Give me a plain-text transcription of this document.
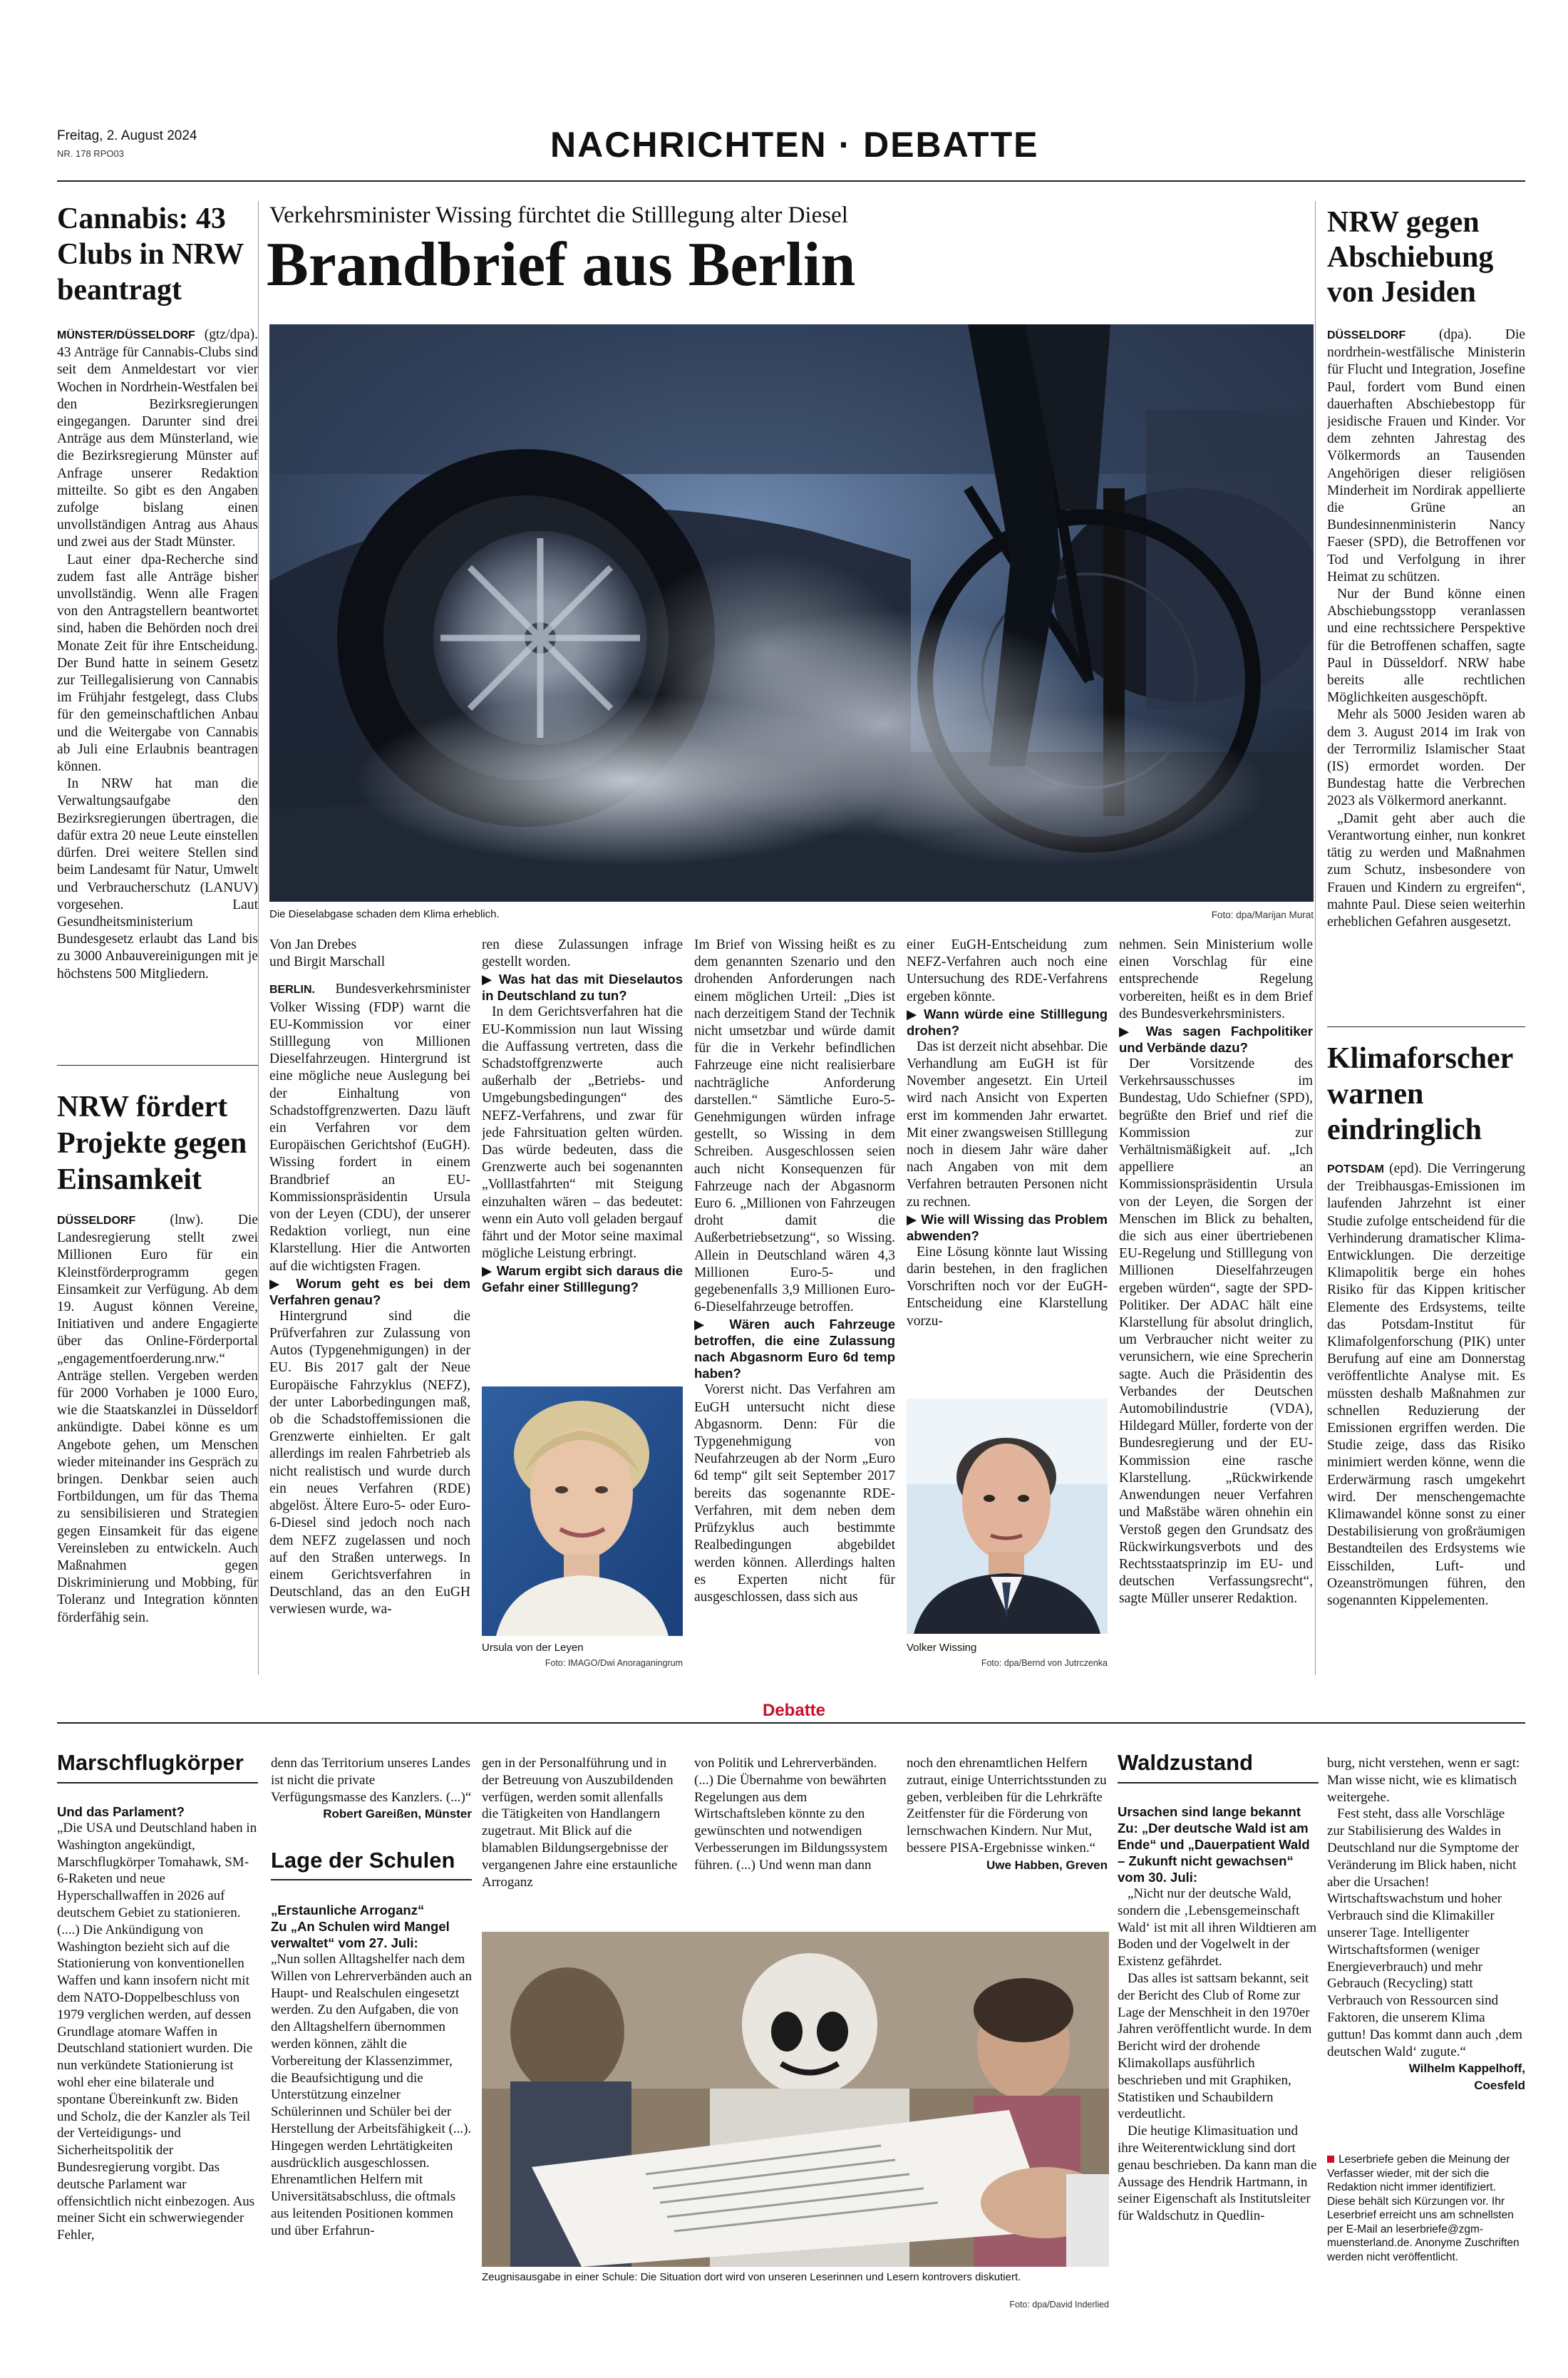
Freitag, 2. August 2024
NR. 178 RPO03	NACHRICHTEN · DEBATTE
Cannabis: 43 Clubs in NRW beantragt

MÜNSTER/DÜSSELDORF (gtz/dpa). 43 Anträge für Cannabis-Clubs sind seit dem Anmeldestart vor vier Wochen in Nordrhein-Westfalen bei den Bezirksregierungen eingegangen. Darunter sind drei Anträge aus dem Münsterland, wie die Bezirksregierung Münster auf Anfrage unserer Redaktion mitteilte. So gibt es den Angaben zufolge bislang einen unvollständigen Antrag aus Ahaus und zwei aus der Stadt Münster.

Laut einer dpa-Recherche sind zudem fast alle Anträge bisher unvollständig. Wenn alle Fragen von den Antragstellern beantwortet sind, haben die Behörden noch drei Monate Zeit für ihre Entscheidung. Der Bund hatte in seinem Gesetz zur Teillegalisierung von Cannabis im Frühjahr festgelegt, dass Clubs für den gemeinschaftlichen Anbau und die Weitergabe von Cannabis ab Juli eine Erlaubnis beantragen können.

In NRW hat man die Verwaltungsaufgabe den Bezirksregierungen übertragen, die dafür extra 20 neue Leute einstellen dürfen. Drei weitere Stellen sind beim Landesamt für Natur, Umwelt und Verbraucherschutz (LANUV) vorgesehen. Laut Gesundheitsministerium Bundesgesetz erlaubt das Land bis zu 3000 Anbauvereinigungen mit je höchstens 500 Mitgliedern.

NRW fördert Projekte gegen Einsamkeit

DÜSSELDORF (lnw). Die Landesregierung stellt zwei Millionen Euro für ein Kleinstförderprogramm gegen Einsamkeit zur Verfügung. Ab dem 19. August können Vereine, Initiativen und andere Engagierte über das Online-Förderportal „engagementfoerderung.nrw.“ Anträge stellen. Vergeben werden für 2000 Vorhaben je 1000 Euro, wie die Staatskanzlei in Düsseldorf ankündigte. Dabei könne es um Angebote gehen, um Menschen wieder miteinander ins Gespräch zu bringen. Denkbar seien auch Fortbildungen, um für das Thema zu sensibilisieren und Strategien gegen Einsamkeit für das eigene Vereinsleben zu entwickeln. Auch Maßnahmen gegen Diskriminierung und Mobbing, für Toleranz und Integration könnten förderfähig sein.

Verkehrsminister Wissing fürchtet die Stilllegung alter Diesel
Brandbrief aus Berlin
Die Dieselabgase schaden dem Klima erheblich.	Foto: dpa/Marijan Murat

Von Jan Drebes

und Birgit Marschall

BERLIN. Bundesverkehrsminister Volker Wissing (FDP) warnt die EU-Kommission vor einer Stilllegung von Millionen Dieselfahrzeugen. Hintergrund ist eine mögliche neue Auslegung bei der Einhaltung von Schadstoffgrenzwerten. Dazu läuft ein Verfahren vor dem Europäischen Gerichtshof (EuGH). Wissing fordert in einem Brandbrief an EU-Kommissionspräsidentin Ursula von der Leyen (CDU), der unserer Redaktion vorliegt, nun eine Klarstellung. Hier die Antworten auf die wichtigsten Fragen.

▶ Worum geht es bei dem Verfahren genau?

Hintergrund sind die Prüfverfahren zur Zulassung von Autos (Typgenehmigungen) in der EU. Bis 2017 galt der Neue Europäische Fahrzyklus (NEFZ), der unter Laborbedingungen maß, ob die Schadstoffemissionen die Grenzwerte einhielten. Er galt allerdings im realen Fahrbetrieb als nicht realistisch und wurde durch ein neues Verfahren (RDE) abgelöst. Ältere Euro-5- oder Euro-6-Diesel sind jedoch noch nach dem NEFZ zugelassen und noch auf den Straßen unterwegs. In einem Gerichtsverfahren in Deutschland, das an den EuGH verwiesen wurde, wa-

ren diese Zulassungen infrage gestellt worden.

▶ Was hat das mit Dieselautos in Deutschland zu tun?

In dem Gerichtsverfahren hat die EU-Kommission nun laut Wissing die Auffassung vertreten, dass die Schadstoffgrenzwerte auch außerhalb der „Betriebs- und Umgebungsbedingungen“ des NEFZ-Verfahrens, und zwar für jede Fahrsituation gelten würden. Das würde bedeuten, dass die Grenzwerte auch bei sogenannten „Volllastfahrten“ mit Steigung einzuhalten wären – das bedeutet: wenn ein Auto voll geladen bergauf fährt und der Motor seine maximal mögliche Leistung erbringt.

▶ Warum ergibt sich daraus die Gefahr einer Stilllegung?

Ursula von der Leyen
Foto: IMAGO/Dwi Anoraganingrum

Im Brief von Wissing heißt es zu dem genannten Szenario und den drohenden Anforderungen nach einem möglichen Urteil: „Dies ist nach derzeitigem Stand der Technik nicht umsetzbar und würde damit für die in Verkehr befindlichen Fahrzeuge eine nicht realisierbare nachträgliche Anforderung darstellen.“ Sämtliche Euro-5-Genehmigungen würden infrage gestellt, so Wissing in dem Schreiben. Ausgeschlossen seien auch nicht Konsequenzen für Fahrzeuge nach der Abgasnorm Euro 6. „Millionen von Fahrzeugen droht damit die Außerbetriebsetzung“, so Wissing. Allein in Deutschland wären 4,3 Millionen Euro-5- und gegebenenfalls 3,9 Millionen Euro-6-Dieselfahrzeuge betroffen.

▶ Wären auch Fahrzeuge betroffen, die eine Zulassung nach Abgasnorm Euro 6d temp haben?

Vorerst nicht. Das Verfahren am EuGH untersucht nicht diese Abgasnorm. Denn: Für die Typgenehmigung von Neufahrzeugen ab der Norm „Euro 6d temp“ gilt seit September 2017 bereits das sogenannte RDE-Verfahren, mit dem neben dem Prüfzyklus auch bestimmte Realbedingungen abgebildet werden können. Allerdings halten es Experten nicht für ausgeschlossen, dass sich aus

einer EuGH-Entscheidung zum NEFZ-Verfahren auch noch eine Untersuchung des RDE-Verfahrens ergeben könnte.

▶ Wann würde eine Stilllegung drohen?

Das ist derzeit nicht absehbar. Die Verhandlung am EuGH ist für November angesetzt. Ein Urteil wird nach Ansicht von Experten erst im kommenden Jahr erwartet. Mit einer zwangsweisen Stilllegung noch in diesem Jahr wäre daher nach Angaben von mit dem Verfahren betrauten Personen nicht zu rechnen.

▶ Wie will Wissing das Problem abwenden?

Eine Lösung könnte laut Wissing darin bestehen, in den fraglichen Vorschriften noch vor der EuGH-Entscheidung eine Klarstellung vorzu-

Volker Wissing
Foto: dpa/Bernd von Jutrczenka

nehmen. Sein Ministerium wolle einen Vorschlag für eine entsprechende Regelung vorbereiten, heißt es in dem Brief des Bundesverkehrsministers.

▶ Was sagen Fachpolitiker und Verbände dazu?

Der Vorsitzende des Verkehrsausschusses im Bundestag, Udo Schiefner (SPD), begrüßte den Brief und rief die Kommission zur Verhältnismäßigkeit auf. „Ich appelliere an Kommissionspräsidentin Ursula von der Leyen, die Sorgen der Menschen im Blick zu behalten, die sich aus einer übertriebenen EU-Regelung und Stilllegung von Millionen Dieselfahrzeugen ergeben würden“, sagte der SPD-Politiker. Der ADAC hält eine Klarstellung für absolut dringlich, um Verbraucher nicht weiter zu verunsichern, wie eine Sprecherin sagte. Auch die Präsidentin des Verbandes der Deutschen Automobilindustrie (VDA), Hildegard Müller, forderte von der Bundesregierung und der EU-Kommission eine rasche Klarstellung. „Rückwirkende Anwendungen neuer Verfahren und Maßstäbe wären ohnehin ein Verstoß gegen den Grundsatz des Rückwirkungsverbots und des Rechtsstaatsprinzip im EU- und deutschen Verfassungsrecht“, sagte Müller unserer Redaktion.

NRW gegen Abschiebung von Jesiden

DÜSSELDORF (dpa). Die nordrhein-westfälische Ministerin für Flucht und Integration, Josefine Paul, fordert vom Bund einen dauerhaften Abschiebestopp für jesidische Frauen und Kinder. Vor dem zehnten Jahrestag des Völkermords an Tausenden Angehörigen dieser religiösen Minderheit im Nordirak appellierte die Grüne an Bundesinnenministerin Nancy Faeser (SPD), die Betroffenen vor Tod und Verfolgung in ihrer Heimat zu schützen.

Nur der Bund könne einen Abschiebungsstopp veranlassen und eine rechtssichere Perspektive für die Betroffenen schaffen, sagte Paul in Düsseldorf. NRW habe bereits alle rechtlichen Möglichkeiten ausgeschöpft.

Mehr als 5000 Jesiden waren ab dem 3. August 2014 im Irak von der Terrormiliz Islamischer Staat (IS) ermordet worden. Der Bundestag hatte die Verbrechen 2023 als Völkermord anerkannt.

„Damit geht aber auch die Verantwortung einher, nun konkret tätig zu werden und Maßnahmen zum Schutz, insbesondere von Frauen und Kindern zu ergreifen“, mahnte Paul. Diese seien weiterhin erheblichen Gefahren ausgesetzt.

Klimaforscher warnen eindringlich

POTSDAM (epd). Die Verringerung der Treibhausgas-Emissionen im laufenden Jahrzehnt ist einer Studie zufolge entscheidend für die Verhinderung dramatischer Klima-Entwicklungen. Die derzeitige Klimapolitik berge ein hohes Risiko für das Kippen kritischer Elemente des Erdsystems, teilte das Potsdam-Institut für Klimafolgenforschung (PIK) unter Berufung auf eine am Donnerstag veröffentlichte Analyse mit. Es müssten deshalb Maßnahmen zur schnellen Reduzierung der Emissionen ergriffen werden. Die Studie zeige, dass das Risiko minimiert werden könne, wenn die Erderwärmung rasch umgekehrt wird. Der menschengemachte Klimawandel könne sonst zu einer Destabilisierung von großräumigen Bestandteilen des Erdsystems wie Eisschilden, Luft- und Ozeanströmungen führen, den sogenannten Kippelementen.

Debatte
Marschflugkörper

Und das Parlament?

„Die USA und Deutschland haben in Washington angekündigt, Marschflugkörper Tomahawk, SM-6-Raketen und neue Hyperschallwaffen in 2026 auf deutschem Gebiet zu stationieren. (....) Die Ankündigung von Washington bezieht sich auf die Stationierung von konventionellen Waffen und kann insofern nicht mit dem NATO-Doppelbeschluss von 1979 verglichen werden, auf dessen Grundlage atomare Waffen in Deutschland stationiert wurden. Die nun verkündete Stationierung ist wohl eher eine bilaterale und spontane Übereinkunft zw. Biden und Scholz, die der Kanzler als Teil der Verteidigungs- und Sicherheitspolitik der Bundesregierung vorgibt. Das deutsche Parlament war offensichtlich nicht einbezogen. Aus meiner Sicht ein schwerwiegender Fehler,

denn das Territorium unseres Landes ist nicht die private Verfügungsmasse des Kanzlers. (...)“

Robert Gareißen, Münster

Lage der Schulen

„Erstaunliche Arroganz“

Zu „An Schulen wird Mangel verwaltet“ vom 27. Juli:

„Nun sollen Alltagshelfer nach dem Willen von Lehrerverbänden auch an Haupt- und Realschulen eingesetzt werden. Zu den Aufgaben, die von den Alltagshelfern übernommen werden können, zählt die Vorbereitung der Klassenzimmer, die Beaufsichtigung und die Unterstützung einzelner Schülerinnen und Schüler bei der Herstellung der Arbeitsfähigkeit (...). Hingegen werden Lehrtätigkeiten ausdrücklich ausgeschlossen. Ehrenamtlichen Helfern mit Universitätsabschluss, die oftmals aus leitenden Positionen kommen und über Erfahrun-

gen in der Personalführung und in der Betreuung von Auszubildenden verfügen, werden somit allenfalls die Tätigkeiten von Handlangern zugetraut. Mit Blick auf die blamablen Bildungsergebnisse der vergangenen Jahre eine erstaunliche Arroganz

von Politik und Lehrerverbänden. (...) Die Übernahme von bewährten Regelungen aus dem Wirtschaftsleben könnte zu den gewünschten und notwendigen Verbesserungen im Bildungssystem führen. (...) Und wenn man dann

noch den ehrenamtlichen Helfern zutraut, einige Unterrichtsstunden zu geben, verbleiben für die Lehrkräfte Zeitfenster für die Förderung von lernschwachen Kindern. Nur Mut, bessere PISA-Ergebnisse winken.“

Uwe Habben, Greven

Zeugnisausgabe in einer Schule: Die Situation dort wird von unseren Leserinnen und Lesern kontrovers diskutiert.
Foto: dpa/David Inderlied
Waldzustand

Ursachen sind lange bekannt

Zu: „Der deutsche Wald ist am Ende“ und „Dauerpatient Wald – Zukunft nicht gewachsen“ vom 30. Juli:

„Nicht nur der deutsche Wald, sondern die ‚Lebensgemeinschaft Wald‘ ist mit all ihren Wildtieren am Boden und der Vogelwelt in der Existenz gefährdet.

Das alles ist sattsam bekannt, seit der Bericht des Club of Rome zur Lage der Menschheit in den 1970er Jahren veröffentlicht wurde. In dem Bericht wird der drohende Klimakollaps ausführlich beschrieben und mit Graphiken, Statistiken und Schaubildern verdeutlicht.

Die heutige Klimasituation und ihre Weiterentwicklung sind dort genau beschrieben. Da kann man die Aussage des Hendrik Hartmann, in seiner Eigenschaft als Institutsleiter für Waldschutz in Quedlin-

burg, nicht verstehen, wenn er sagt: Man wisse nicht, wie es klimatisch weitergehe.

Fest steht, dass alle Vorschläge zur Stabilisierung des Waldes in Deutschland nur die Symptome der Veränderung im Blick haben, nicht aber die Ursachen! Wirtschaftswachstum und hoher Verbrauch sind die Klimakiller unserer Tage. Intelligenter Wirtschaftsformen (weniger Energieverbrauch) und mehr Gebrauch (Recycling) statt Verbrauch von Ressourcen sind Faktoren, die unserem Klima guttun! Das kommt dann auch ‚dem deutschen Wald‘ zugute.“

Wilhelm Kappelhoff,

Coesfeld

Leserbriefe geben die Meinung der Verfasser wieder, mit der sich die Redaktion nicht immer identifiziert. Diese behält sich Kürzungen vor. Ihr Leserbrief erreicht uns am schnellsten per E-Mail an leserbriefe@zgm-muensterland.de. Anonyme Zuschriften werden nicht veröffentlicht.
